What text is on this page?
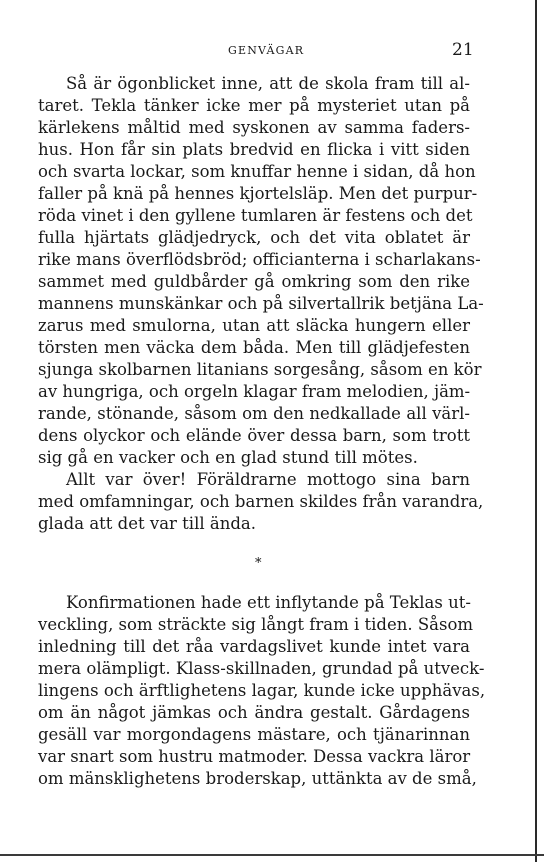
GENVÄGAR	21
Så är ögonblicket inne, att de skola fram till al-
taret. Tekla tänker icke mer på mysteriet utan på
kärlekens måltid med syskonen av samma faders-
hus. Hon får sin plats bredvid en flicka i vitt siden
och svarta lockar, som knuffar henne i sidan, då hon
faller på knä på hennes kjortelsläp. Men det purpur-
röda vinet i den gyllene tumlaren är festens och det
fulla hjärtats glädjedryck, och det vita oblatet är
rike mans överflödsbröd; officianterna i scharlakans-
sammet med guldbårder gå omkring som den rike
mannens munskänkar och på silvertallrik betjäna La-
zarus med smulorna, utan att släcka hungern eller
törsten men väcka dem båda. Men till glädjefesten
sjunga skolbarnen litanians sorgesång, såsom en kör
av hungriga, och orgeln klagar fram melodien, jäm-
rande, stönande, såsom om den nedkallade all värl-
dens olyckor och elände över dessa barn, som trott
sig gå en vacker och en glad stund till mötes.
Allt var över! Föräldrarne mottogo sina barn
med omfamningar, och barnen skildes från varandra,
glada att det var till ända.
*
Konfirmationen hade ett inflytande på Teklas ut-
veckling, som sträckte sig långt fram i tiden. Såsom
inledning till det råa vardagslivet kunde intet vara
mera olämpligt. Klass-skillnaden, grundad på utveck-
lingens och ärftlighetens lagar, kunde icke upphävas,
om än något jämkas och ändra gestalt. Gårdagens
gesäll var morgondagens mästare, och tjänarinnan
var snart som hustru matmoder. Dessa vackra läror
om mänsklighetens broderskap, uttänkta av de små,
